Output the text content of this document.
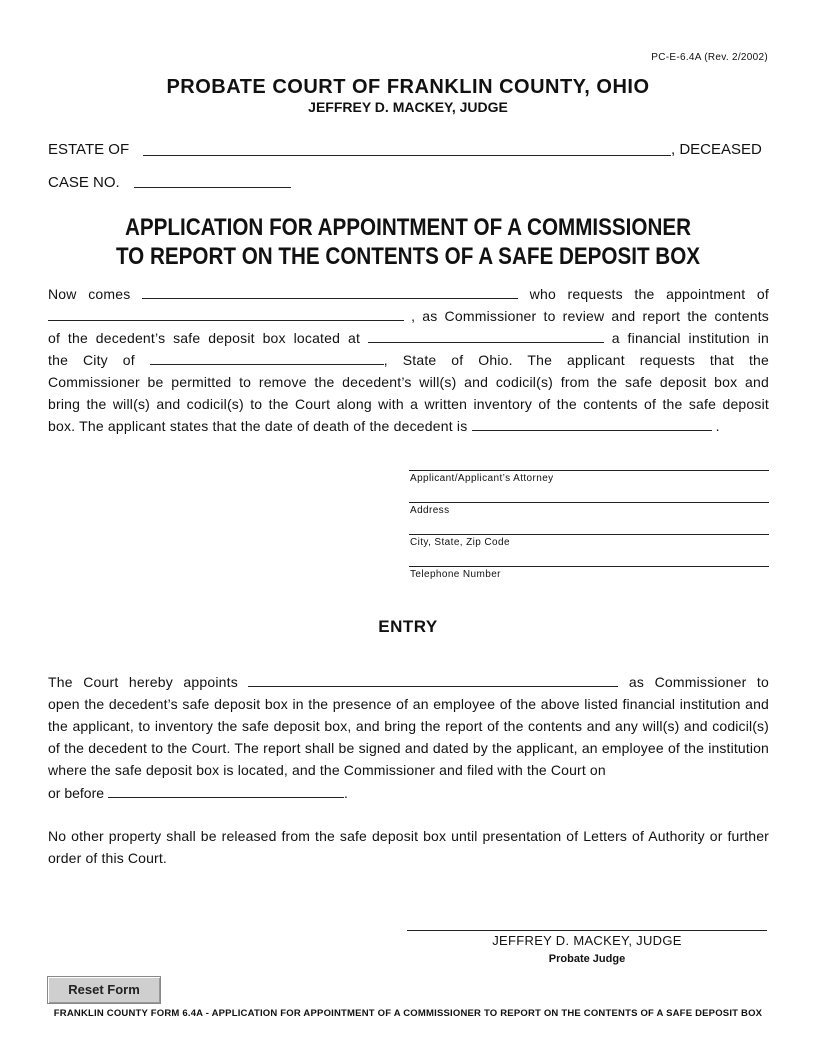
PC-E-6.4A (Rev. 2/2002)
PROBATE COURT OF FRANKLIN COUNTY, OHIO
JEFFREY D. MACKEY, JUDGE
ESTATE OF	, DECEASED
CASE NO.
APPLICATION FOR APPOINTMENT OF A COMMISSIONER
TO REPORT ON THE CONTENTS OF A SAFE DEPOSIT BOX
Now comes	who requests the appointment of
, as Commissioner to review and report the contents
of the decedent’s safe deposit box located at	a financial institution in
the City of	, State of Ohio. The applicant requests that the
Commissioner be permitted to remove the decedent’s will(s) and codicil(s) from the safe deposit box and
bring the will(s) and codicil(s) to the Court along with a written inventory of the contents of the safe deposit
box. The applicant states that the date of death of the decedent is	.
Applicant/Applicant’s Attorney
Address
City, State, Zip Code
Telephone Number
ENTRY
The Court hereby appoints	as Commissioner to
open the decedent’s safe deposit box in the presence of an employee of the above listed financial institution and the applicant, to inventory the safe deposit box, and bring the report of the contents and any will(s) and codicil(s) of the decedent to the Court. The report shall be signed and dated by the applicant, an employee of the institution where the safe deposit box is located, and the Commissioner and filed with the Court on
or before	.
No other property shall be released from the safe deposit box until presentation of Letters of Authority or further order of this Court.
JEFFREY D. MACKEY, JUDGE
Probate Judge
Reset Form
FRANKLIN COUNTY FORM 6.4A - APPLICATION FOR APPOINTMENT OF A COMMISSIONER TO REPORT ON THE CONTENTS OF A SAFE DEPOSIT BOX
